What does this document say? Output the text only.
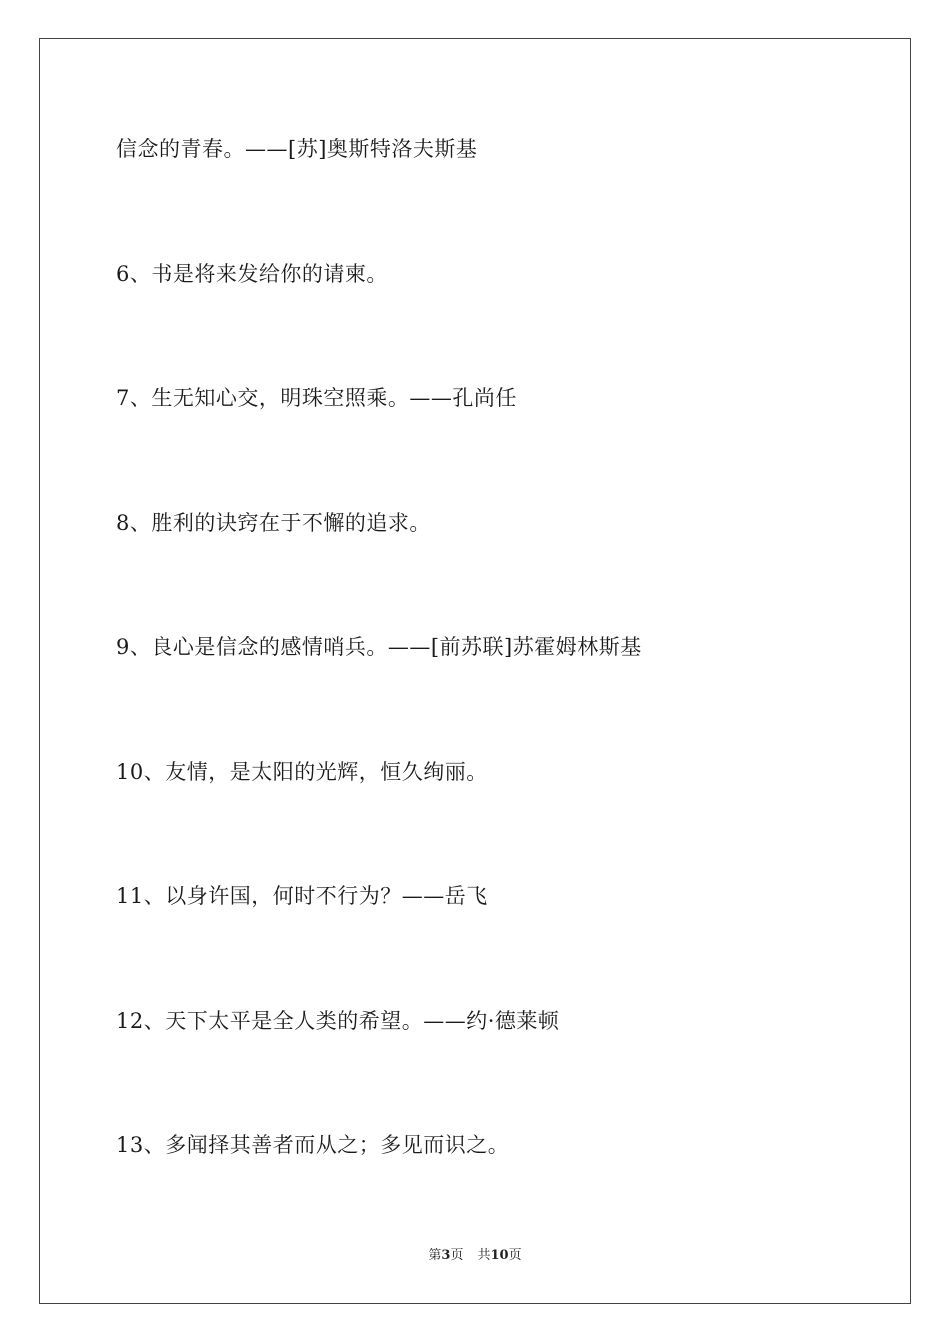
信念的青春。——[苏]奥斯特洛夫斯基
6、书是将来发给你的请柬。
7、生无知心交，明珠空照乘。——孔尚任
8、胜利的诀窍在于不懈的追求。
9、良心是信念的感情哨兵。——[前苏联]苏霍姆林斯基
10、友情，是太阳的光辉，恒久绚丽。
11、以身许国，何时不行为？——岳飞
12、天下太平是全人类的希望。——约·德莱顿
13、多闻择其善者而从之；多见而识之。
第3页 共10页
